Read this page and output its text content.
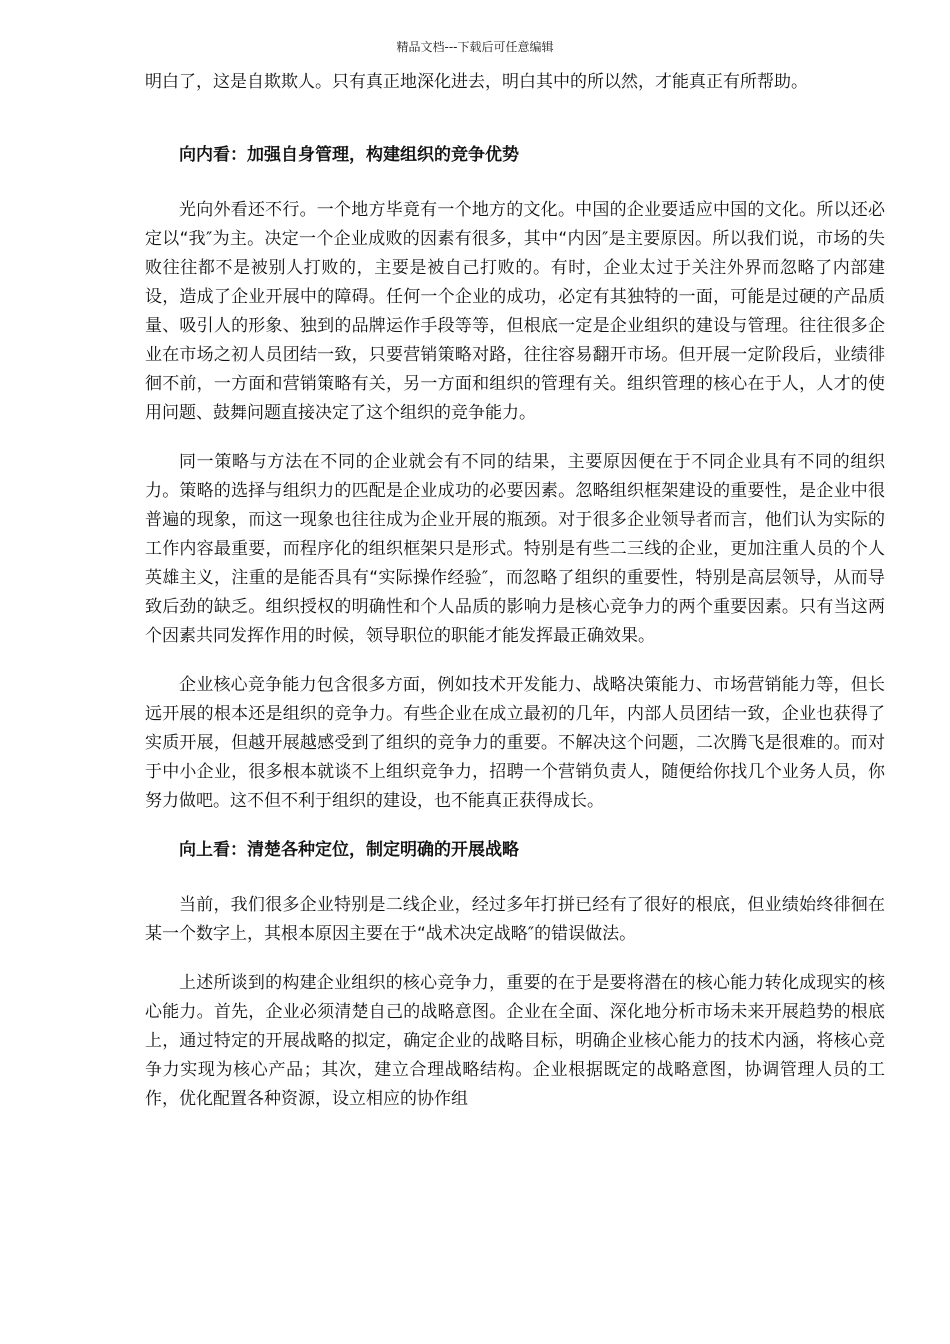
精品文档---下载后可任意编辑

明白了，这是自欺欺人。只有真正地深化进去，明白其中的所以然，才能真正有所帮助。

向内看：加强自身管理，构建组织的竞争优势

光向外看还不行。一个地方毕竟有一个地方的文化。中国的企业要适应中国的文化。所以还必定以“我″为主。决定一个企业成败的因素有很多，其中“内因″是主要原因。所以我们说，市场的失败往往都不是被别人打败的，主要是被自己打败的。有时，企业太过于关注外界而忽略了内部建设，造成了企业开展中的障碍。任何一个企业的成功，必定有其独特的一面，可能是过硬的产品质量、吸引人的形象、独到的品牌运作手段等等，但根底一定是企业组织的建设与管理。往往很多企业在市场之初人员团结一致，只要营销策略对路，往往容易翻开市场。但开展一定阶段后，业绩徘徊不前，一方面和营销策略有关，另一方面和组织的管理有关。组织管理的核心在于人，人才的使用问题、鼓舞问题直接决定了这个组织的竞争能力。

同一策略与方法在不同的企业就会有不同的结果，主要原因便在于不同企业具有不同的组织力。策略的选择与组织力的匹配是企业成功的必要因素。忽略组织框架建设的重要性，是企业中很普遍的现象，而这一现象也往往成为企业开展的瓶颈。对于很多企业领导者而言，他们认为实际的工作内容最重要，而程序化的组织框架只是形式。特别是有些二三线的企业，更加注重人员的个人英雄主义，注重的是能否具有“实际操作经验″，而忽略了组织的重要性，特别是高层领导，从而导致后劲的缺乏。组织授权的明确性和个人品质的影响力是核心竞争力的两个重要因素。只有当这两个因素共同发挥作用的时候，领导职位的职能才能发挥最正确效果。

企业核心竞争能力包含很多方面，例如技术开发能力、战略决策能力、市场营销能力等，但长远开展的根本还是组织的竞争力。有些企业在成立最初的几年，内部人员团结一致，企业也获得了实质开展，但越开展越感受到了组织的竞争力的重要。不解决这个问题，二次腾飞是很难的。而对于中小企业，很多根本就谈不上组织竞争力，招聘一个营销负责人，随便给你找几个业务人员，你努力做吧。这不但不利于组织的建设，也不能真正获得成长。

向上看：清楚各种定位，制定明确的开展战略

当前，我们很多企业特别是二线企业，经过多年打拼已经有了很好的根底，但业绩始终徘徊在某一个数字上，其根本原因主要在于“战术决定战略″的错误做法。

上述所谈到的构建企业组织的核心竞争力，重要的在于是要将潜在的核心能力转化成现实的核心能力。首先，企业必须清楚自己的战略意图。企业在全面、深化地分析市场未来开展趋势的根底上，通过特定的开展战略的拟定，确定企业的战略目标，明确企业核心能力的技术内涵，将核心竞争力实现为核心产品；其次，建立合理战略结构。企业根据既定的战略意图，协调管理人员的工作，优化配置各种资源，设立相应的协作组
